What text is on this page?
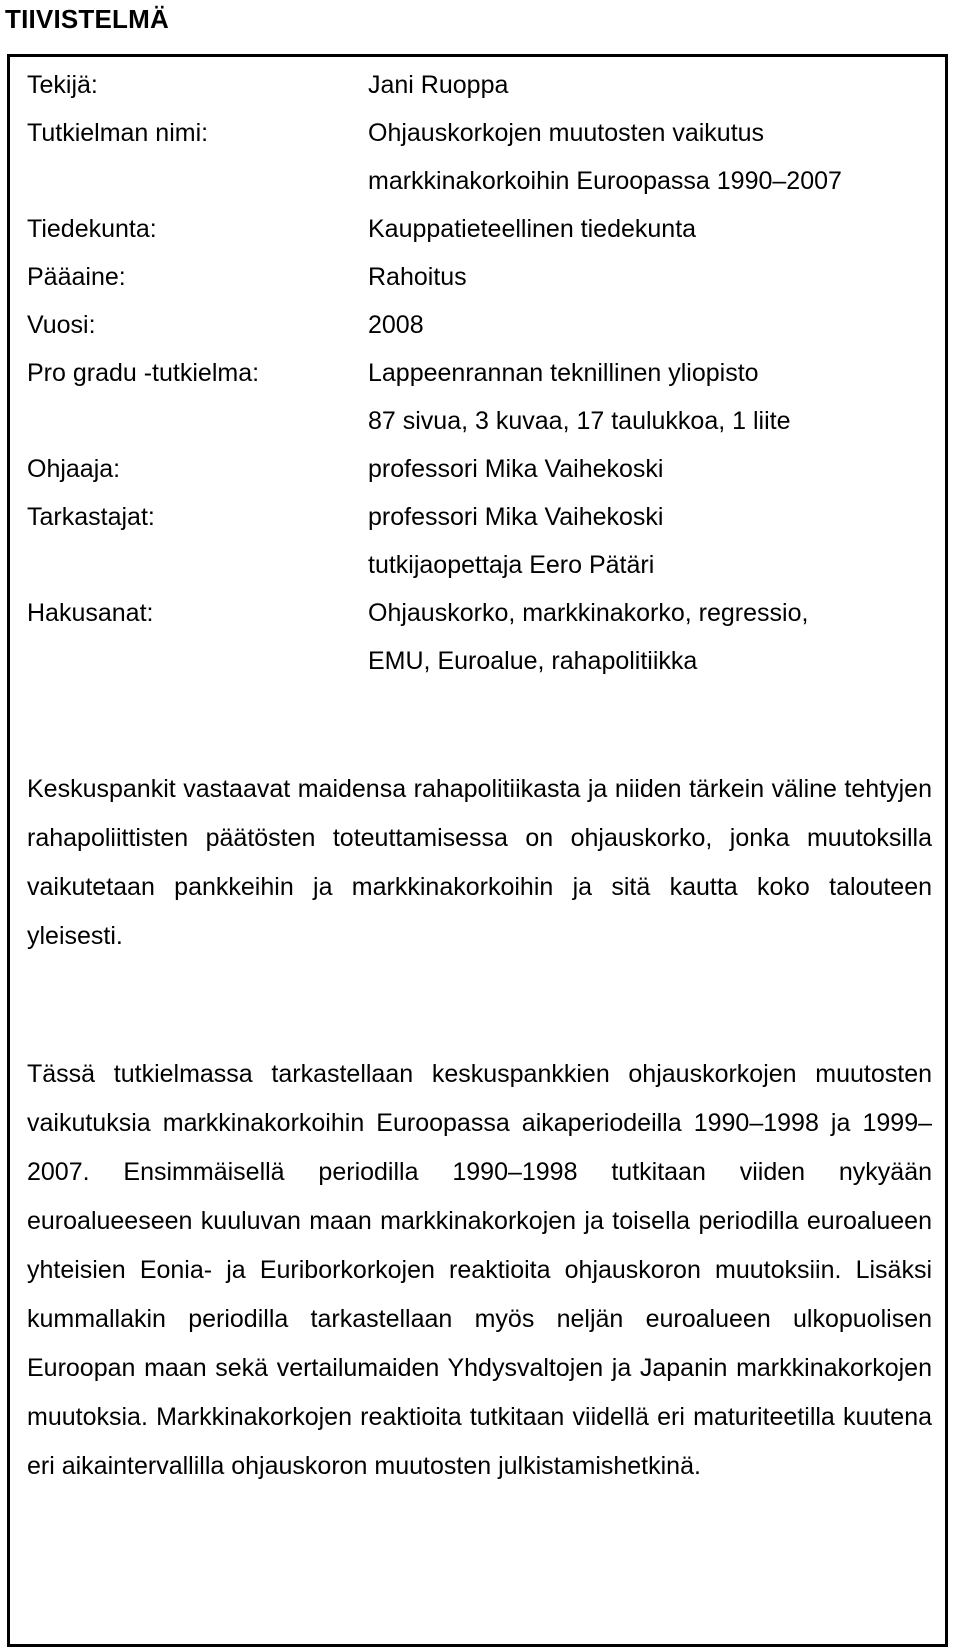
TIIVISTELMÄ
Tekijä:	Jani Ruoppa
Tutkielman nimi:	Ohjauskorkojen muutosten vaikutus
markkinakorkoihin Euroopassa 1990–2007
Tiedekunta:	Kauppatieteellinen tiedekunta
Pääaine:	Rahoitus
Vuosi:	2008
Pro gradu -tutkielma:	Lappeenrannan teknillinen yliopisto
87 sivua, 3 kuvaa, 17 taulukkoa, 1 liite
Ohjaaja:	professori Mika Vaihekoski
Tarkastajat:	professori Mika Vaihekoski
tutkijaopettaja Eero Pätäri
Hakusanat:	Ohjauskorko, markkinakorko, regressio,
EMU, Euroalue, rahapolitiikka

Keskuspankit vastaavat maidensa rahapolitiikasta ja niiden tärkein väline tehtyjen rahapoliittisten päätösten toteuttamisessa on ohjauskorko, jonka muutoksilla vaikutetaan pankkeihin ja markkinakorkoihin ja sitä kautta koko talouteen yleisesti.

Tässä tutkielmassa tarkastellaan keskuspankkien ohjauskorkojen muutosten vaikutuksia markkinakorkoihin Euroopassa aikaperiodeilla 1990–1998 ja 1999–2007. Ensimmäisellä periodilla 1990–1998 tutkitaan viiden nykyään euroalueeseen kuuluvan maan markkinakorkojen ja toisella periodilla euroalueen yhteisien Eonia- ja Euriborkorkojen reaktioita ohjauskoron muutoksiin. Lisäksi kummallakin periodilla tarkastellaan myös neljän euroalueen ulkopuolisen Euroopan maan sekä vertailumaiden Yhdysvaltojen ja Japanin markkinakorkojen muutoksia. Markkinakorkojen reaktioita tutkitaan viidellä eri maturiteetilla kuutena eri aikaintervallilla ohjauskoron muutosten julkistamishetkinä.
